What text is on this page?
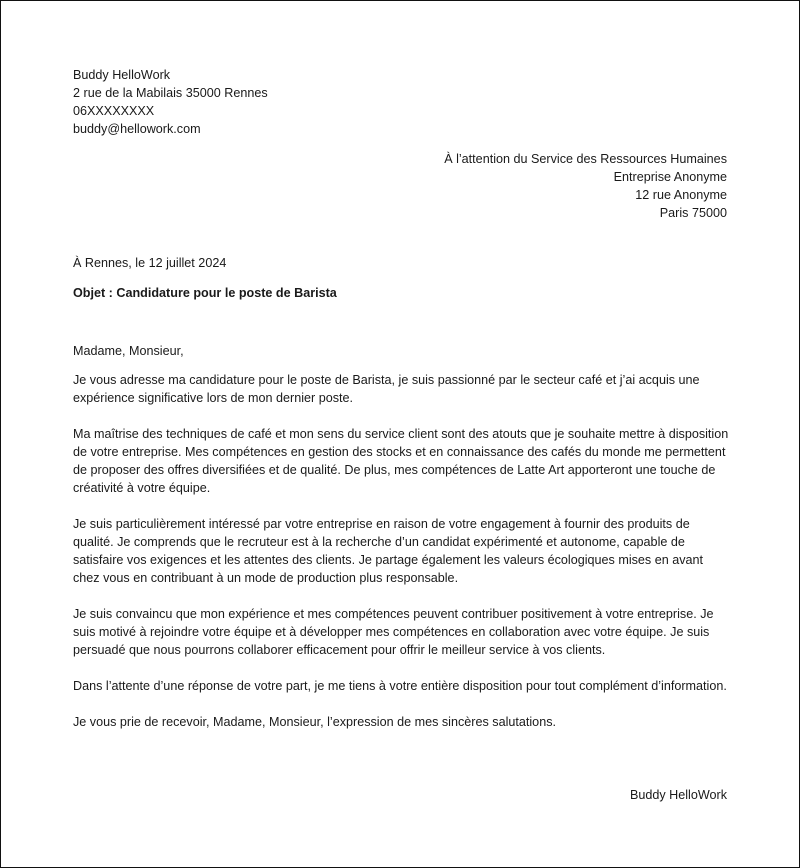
Buddy HelloWork
2 rue de la Mabilais 35000 Rennes
06XXXXXXXX
buddy@hellowork.com
À l’attention du Service des Ressources Humaines
Entreprise Anonyme
12 rue Anonyme
Paris 75000
À Rennes, le 12 juillet 2024
Objet : Candidature pour le poste de Barista

Madame, Monsieur,

Je vous adresse ma candidature pour le poste de Barista, je suis passionné par le secteur café et j’ai acquis une expérience significative lors de mon dernier poste.

Ma maîtrise des techniques de café et mon sens du service client sont des atouts que je souhaite mettre à disposition de votre entreprise. Mes compétences en gestion des stocks et en connaissance des cafés du monde me permettent de proposer des offres diversifiées et de qualité. De plus, mes compétences de Latte Art apporteront une touche de créativité à votre équipe.

Je suis particulièrement intéressé par votre entreprise en raison de votre engagement à fournir des produits de qualité. Je comprends que le recruteur est à la recherche d’un candidat expérimenté et autonome, capable de satisfaire vos exigences et les attentes des clients. Je partage également les valeurs écologiques mises en avant chez vous en contribuant à un mode de production plus responsable.

Je suis convaincu que mon expérience et mes compétences peuvent contribuer positivement à votre entreprise. Je suis motivé à rejoindre votre équipe et à développer mes compétences en collaboration avec votre équipe. Je suis persuadé que nous pourrons collaborer efficacement pour offrir le meilleur service à vos clients.

Dans l’attente d’une réponse de votre part, je me tiens à votre entière disposition pour tout complément d’information.

Je vous prie de recevoir, Madame, Monsieur, l’expression de mes sincères salutations.

Buddy HelloWork
